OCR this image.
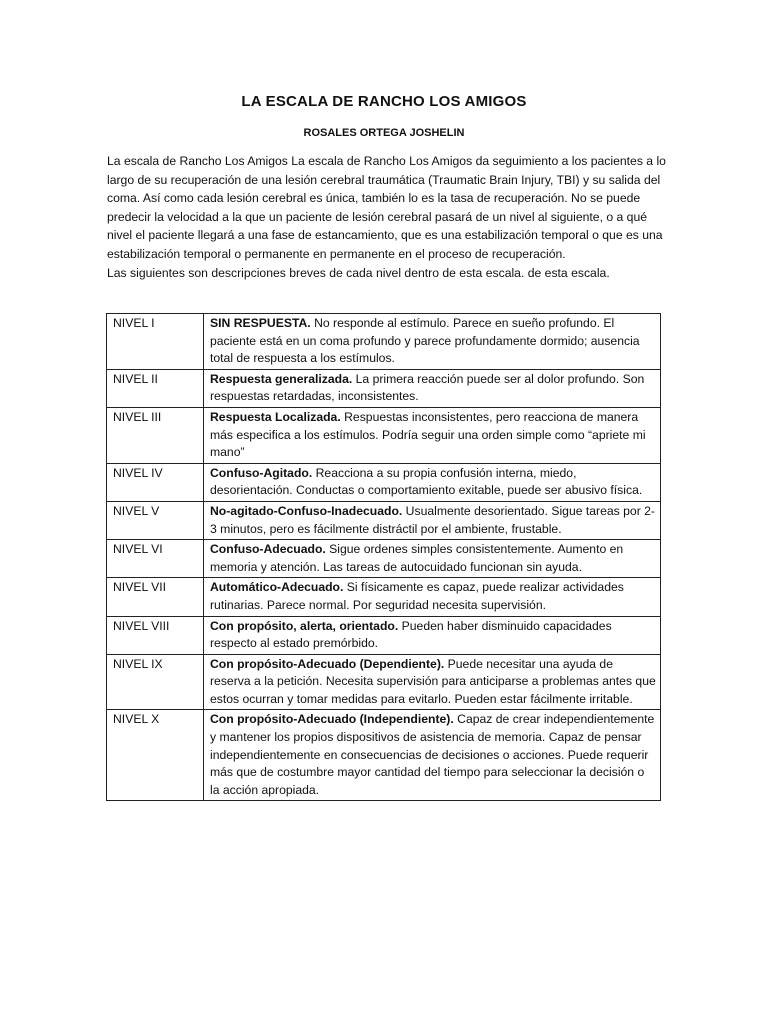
LA ESCALA DE RANCHO LOS AMIGOS
ROSALES ORTEGA JOSHELIN

La escala de Rancho Los Amigos La escala de Rancho Los Amigos da seguimiento a los pacientes a lo largo de su recuperación de una lesión cerebral traumática (Traumatic Brain Injury, TBI) y su salida del coma. Así como cada lesión cerebral es única, también lo es la tasa de recuperación. No se puede predecir la velocidad a la que un paciente de lesión cerebral pasará de un nivel al siguiente, o a qué nivel el paciente llegará a una fase de estancamiento, que es una estabilización temporal o que es una estabilización temporal o permanente en permanente en el proceso de recuperación.

Las siguientes son descripciones breves de cada nivel dentro de esta escala. de esta escala.

NIVEL I	SIN RESPUESTA. No responde al estímulo. Parece en sueño profundo. El paciente está en un coma profundo y parece profundamente dormido; ausencia total de respuesta a los estímulos.
NIVEL II	Respuesta generalizada. La primera reacción puede ser al dolor profundo. Son respuestas retardadas, inconsistentes.
NIVEL III	Respuesta Localizada. Respuestas inconsistentes, pero reacciona de manera más especifica a los estímulos. Podría seguir una orden simple como “apriete mi mano”
NIVEL IV	Confuso-Agitado. Reacciona a su propia confusión interna, miedo, desorientación. Conductas o comportamiento exitable, puede ser abusivo física.
NIVEL V	No-agitado-Confuso-Inadecuado. Usualmente desorientado. Sigue tareas por 2-3 minutos, pero es fácilmente distráctil por el ambiente, frustable.
NIVEL VI	Confuso-Adecuado. Sigue ordenes simples consistentemente. Aumento en memoria y atención. Las tareas de autocuidado funcionan sin ayuda.
NIVEL VII	Automático-Adecuado. Si físicamente es capaz, puede realizar actividades rutinarias. Parece normal. Por seguridad necesita supervisión.
NIVEL VIII	Con propósito, alerta, orientado. Pueden haber disminuido capacidades respecto al estado premórbido.
NIVEL IX	Con propósito-Adecuado (Dependiente). Puede necesitar una ayuda de reserva a la petición. Necesita supervisión para anticiparse a problemas antes que estos ocurran y tomar medidas para evitarlo. Pueden estar fácilmente irritable.
NIVEL X	Con propósito-Adecuado (Independiente). Capaz de crear independientemente y mantener los propios dispositivos de asistencia de memoria. Capaz de pensar independientemente en consecuencias de decisiones o acciones. Puede requerir más que de costumbre mayor cantidad del tiempo para seleccionar la decisión o la acción apropiada.
